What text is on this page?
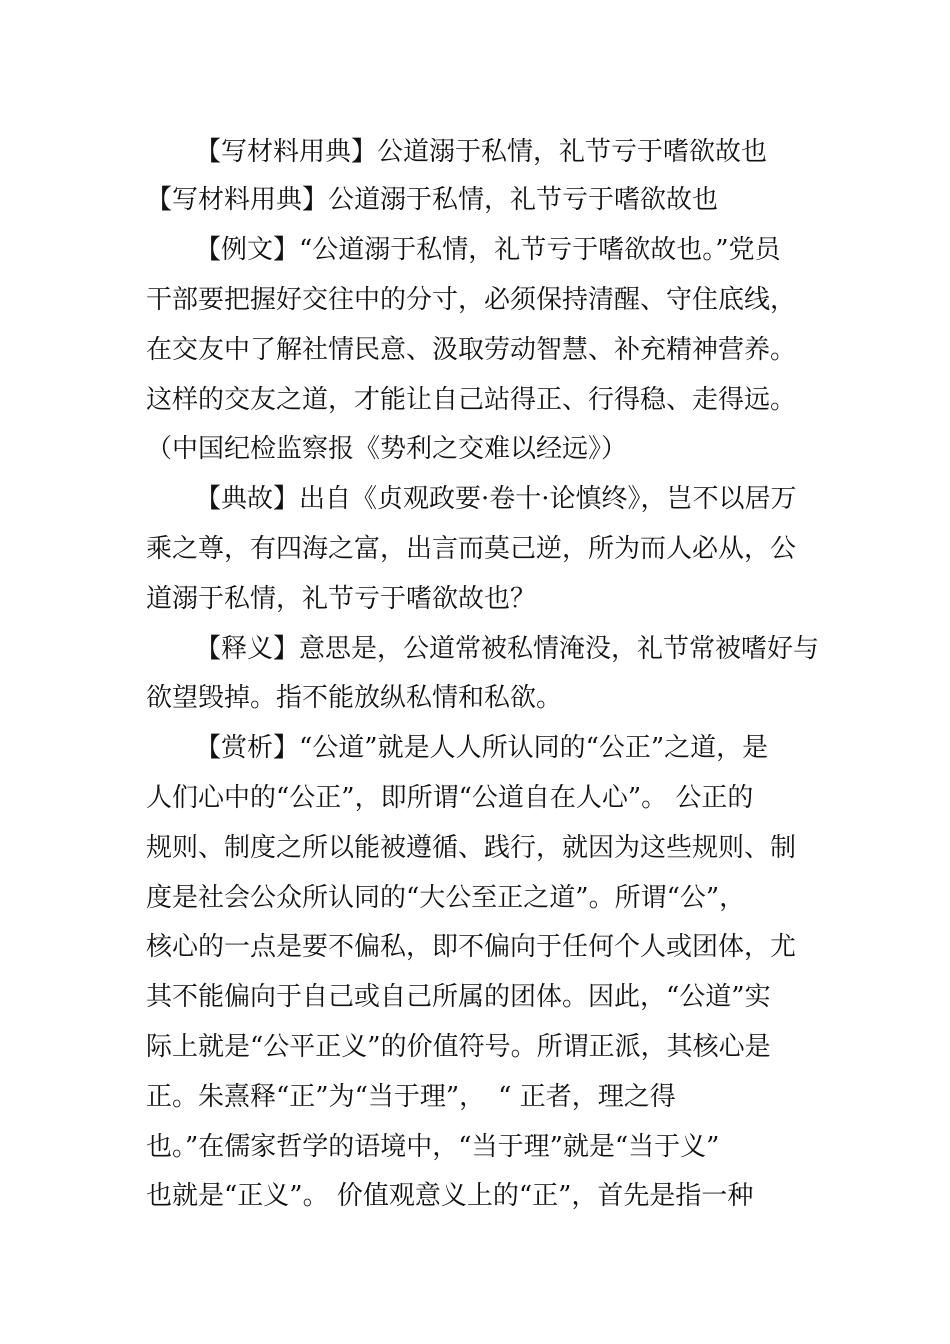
【写材料用典】公道溺于私情，礼节亏于嗜欲故也
【写材料用典】公道溺于私情，礼节亏于嗜欲故也
【例文】“公道溺于私情，礼节亏于嗜欲故也。”党员
干部要把握好交往中的分寸，必须保持清醒、守住底线，
在交友中了解社情民意、汲取劳动智慧、补充精神营养。
这样的交友之道，才能让自己站得正、行得稳、走得远。
（中国纪检监察报《势利之交难以经远》）
【典故】出自《贞观政要·卷十·论慎终》，岂不以居万
乘之尊，有四海之富，出言而莫己逆，所为而人必从，公
道溺于私情，礼节亏于嗜欲故也？
【释义】意思是，公道常被私情淹没，礼节常被嗜好与
欲望毁掉。指不能放纵私情和私欲。
【赏析】“公道”就是人人所认同的“公正”之道，是
人们心中的“公正”，即所谓“公道自在人心”。 公正的
规则、制度之所以能被遵循、践行，就因为这些规则、制
度是社会公众所认同的“大公至正之道”。所谓“公”，
核心的一点是要不偏私，即不偏向于任何个人或团体，尤
其不能偏向于自己或自己所属的团体。因此，“公道”实
际上就是“公平正义”的价值符号。所谓正派，其核心是
正。朱熹释“正”为“当于理”，　“ 正者，理之得
也。”在儒家哲学的语境中，“当于理”就是“当于义”
也就是“正义”。 价值观意义上的“正”，首先是指一种
